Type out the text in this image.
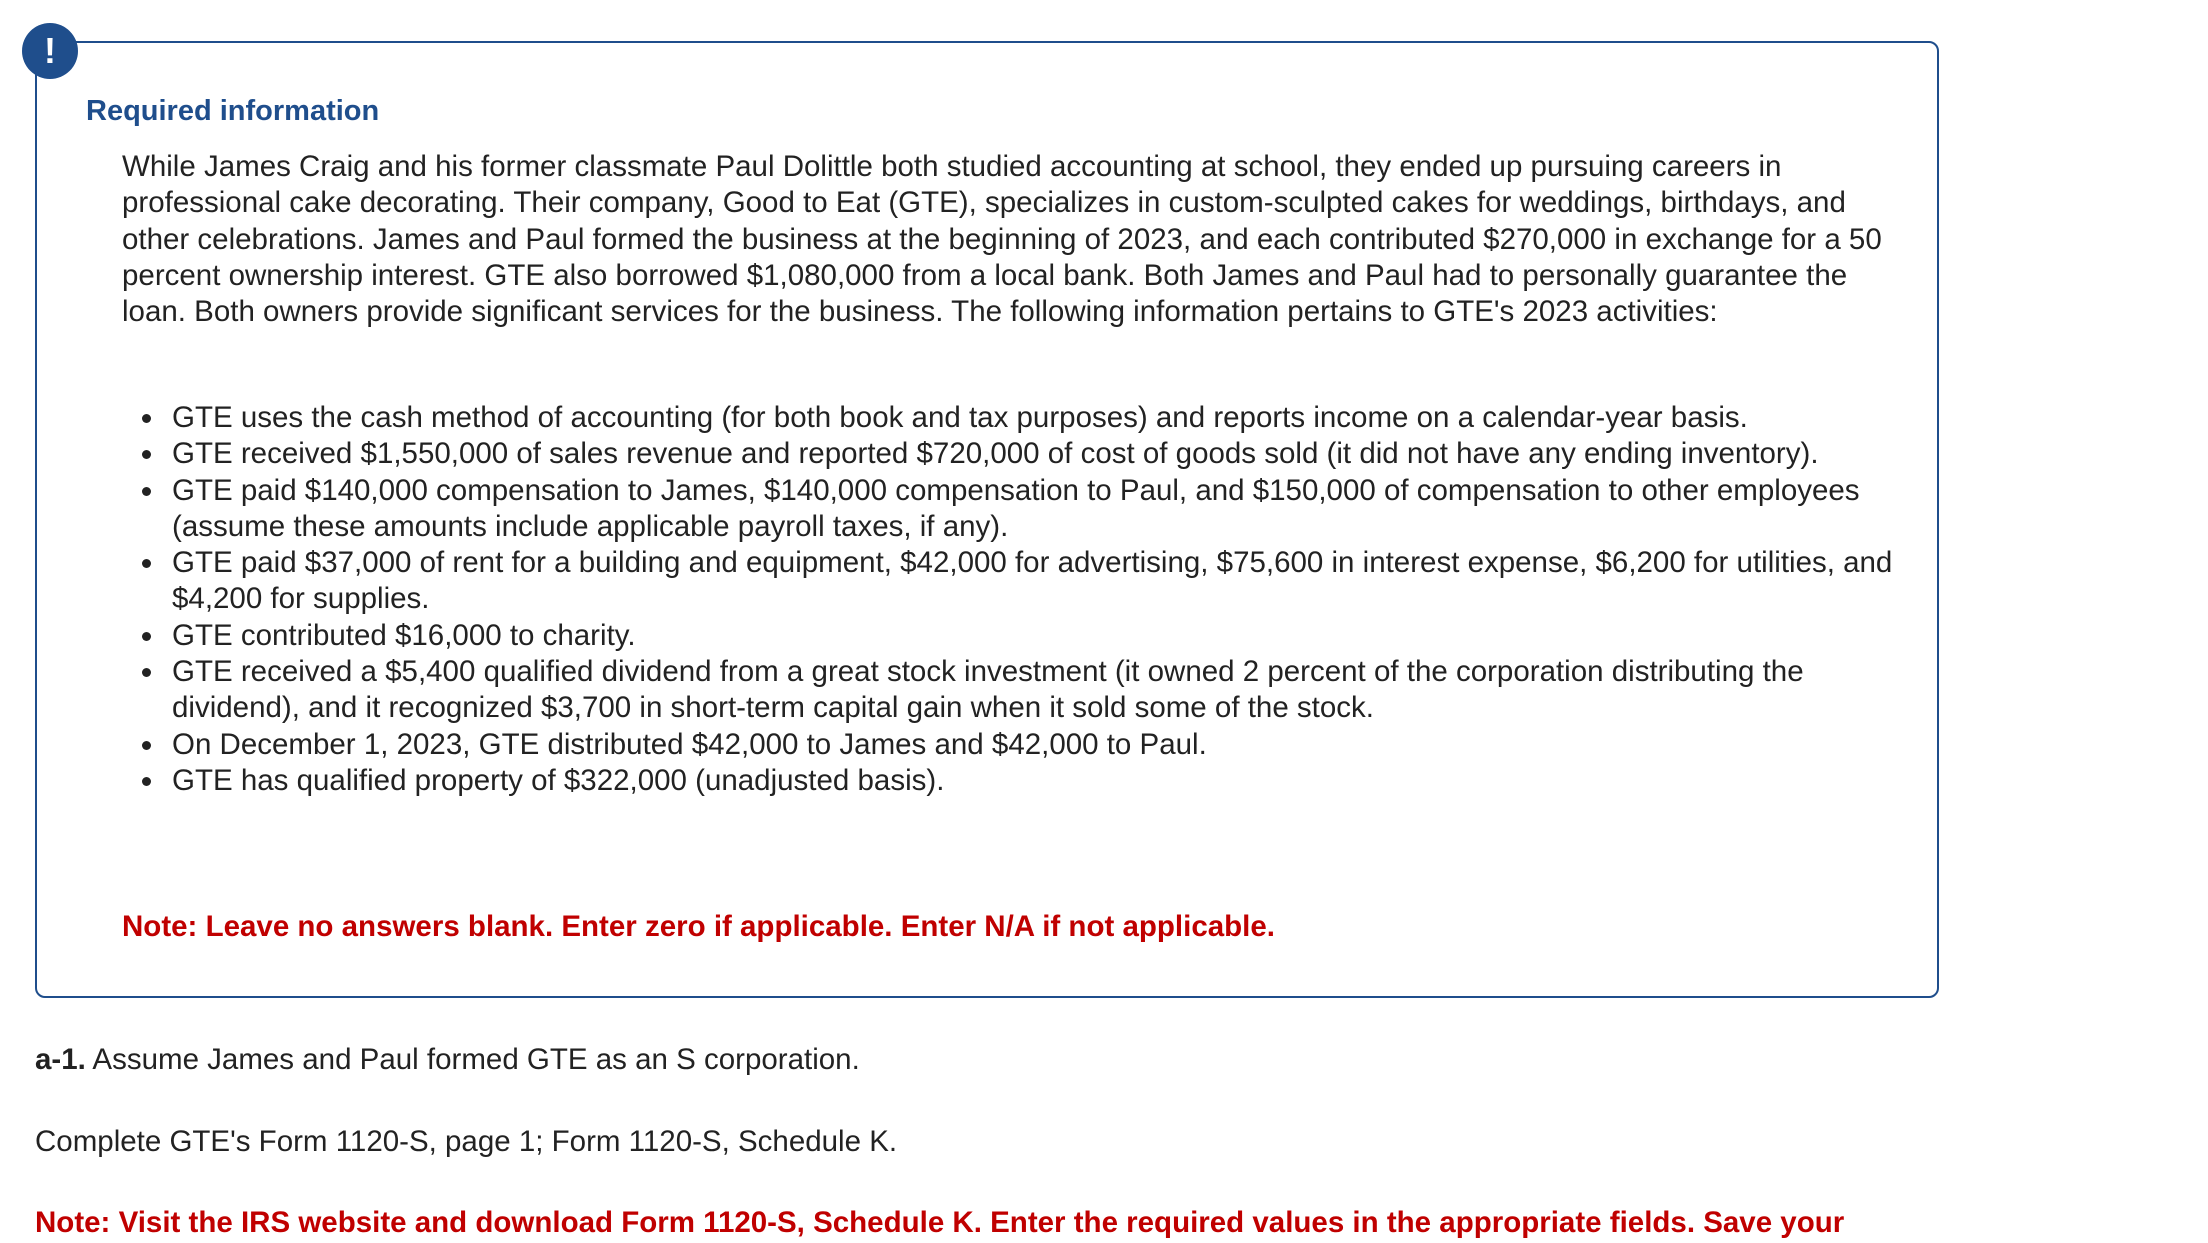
!
Required information

While James Craig and his former classmate Paul Dolittle both studied accounting at school, they ended up pursuing careers in professional cake decorating. Their company, Good to Eat (GTE), specializes in custom-sculpted cakes for weddings, birthdays, and other celebrations. James and Paul formed the business at the beginning of 2023, and each contributed $270,000 in exchange for a 50 percent ownership interest. GTE also borrowed $1,080,000 from a local bank. Both James and Paul had to personally guarantee the loan. Both owners provide significant services for the business. The following information pertains to GTE's 2023 activities:

GTE uses the cash method of accounting (for both book and tax purposes) and reports income on a calendar-year basis.
GTE received $1,550,000 of sales revenue and reported $720,000 of cost of goods sold (it did not have any ending inventory).
GTE paid $140,000 compensation to James, $140,000 compensation to Paul, and $150,000 of compensation to other employees (assume these amounts include applicable payroll taxes, if any).
GTE paid $37,000 of rent for a building and equipment, $42,000 for advertising, $75,600 in interest expense, $6,200 for utilities, and $4,200 for supplies.
GTE contributed $16,000 to charity.
GTE received a $5,400 qualified dividend from a great stock investment (it owned 2 percent of the corporation distributing the dividend), and it recognized $3,700 in short-term capital gain when it sold some of the stock.
On December 1, 2023, GTE distributed $42,000 to James and $42,000 to Paul.
GTE has qualified property of $322,000 (unadjusted basis).

Note: Leave no answers blank. Enter zero if applicable. Enter N/A if not applicable.

a-1. Assume James and Paul formed GTE as an S corporation.

Complete GTE's Form 1120-S, page 1; Form 1120-S, Schedule K.

Note: Visit the IRS website and download Form 1120-S, Schedule K. Enter the required values in the appropriate fields. Save your
